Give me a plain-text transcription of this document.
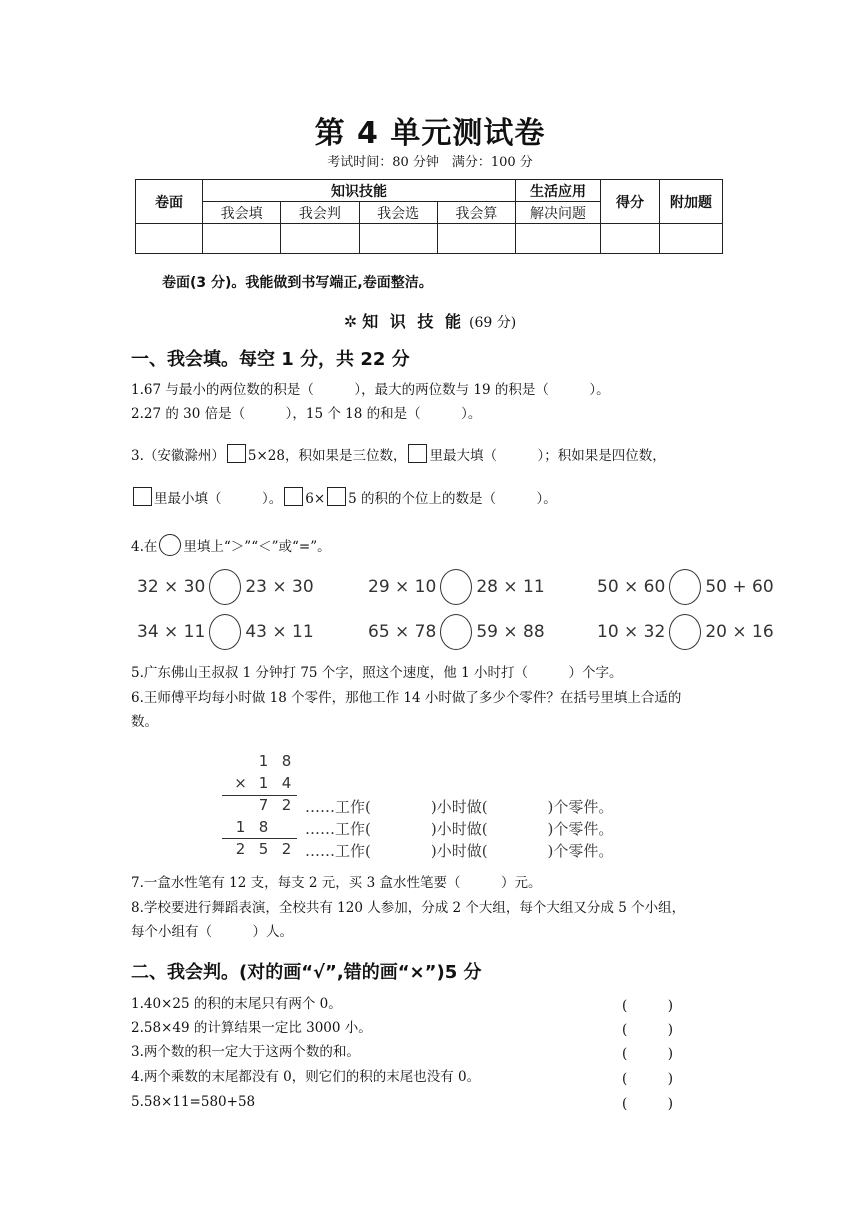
第 4 单元测试卷
考试时间：80 分钟　满分：100 分
卷面	知识技能				生活应用	得分	附加题
	我会填	我会判	我会选	我会算	解决问题		

卷面(3 分)。我能做到书写端正,卷面整洁。
✲ 知 识 技 能 (69 分)
一、我会填。每空 1 分，共 22 分
1.67 与最小的两位数的积是（　　　），最大的两位数与 19 的积是（　　　）。
2.27 的 30 倍是（　　　），15 个 18 的和是（　　　）。
3.（安徽滁州） 5×28，积如果是三位数， 里最大填（　　　）；积如果是四位数，
里最小填（　　　）。 6× 5 的积的个位上的数是（　　　）。
4.在 里填上“＞”“＜”或“=”。
32 × 30 23 × 30	29 × 10 28 × 11	50 × 60 50 + 60
34 × 11 43 × 11	65 × 78 59 × 88	10 × 32 20 × 16
5.广东佛山王叔叔 1 分钟打 75 个字，照这个速度，他 1 小时打（　　　）个字。
6.王师傅平均每小时做 18 个零件，那他工作 14 小时做了多少个零件？在括号里填上合适的
数。
1 8
× 1 4
7 2
1 8
2 5 2
……工作(　　　　)小时做(　　　　)个零件。
……工作(　　　　)小时做(　　　　)个零件。
……工作(　　　　)小时做(　　　　)个零件。
7.一盒水性笔有 12 支，每支 2 元，买 3 盒水性笔要（　　　）元。
8.学校要进行舞蹈表演，全校共有 120 人参加，分成 2 个大组，每个大组又分成 5 个小组，
每个小组有（　　　）人。
二、我会判。(对的画“√”,错的画“×”)5 分
1.40×25 的积的末尾只有两个 0。	(　　　)
2.58×49 的计算结果一定比 3000 小。	(　　　)
3.两个数的积一定大于这两个数的和。	(　　　)
4.两个乘数的末尾都没有 0，则它们的积的末尾也没有 0。	(　　　)
5.58×11=580+58	(　　　)
